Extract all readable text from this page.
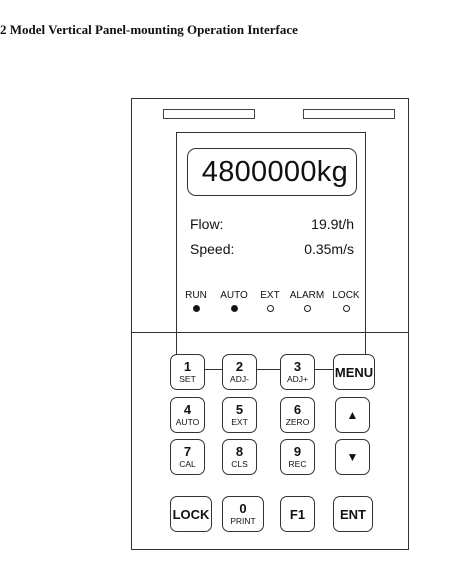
2 Model Vertical Panel-mounting Operation Interface
4800000kg
Flow:	19.9t/h
Speed:	0.35m/s
RUN	AUTO	EXT	ALARM LOCK
1
SET
2
ADJ-
3
ADJ+ MENU
4
AUTO
5
EXT
6
ZERO	▲
7
CAL
8
CLS
9
REC	▼
LOCK 0
PRINT	F1	ENT
